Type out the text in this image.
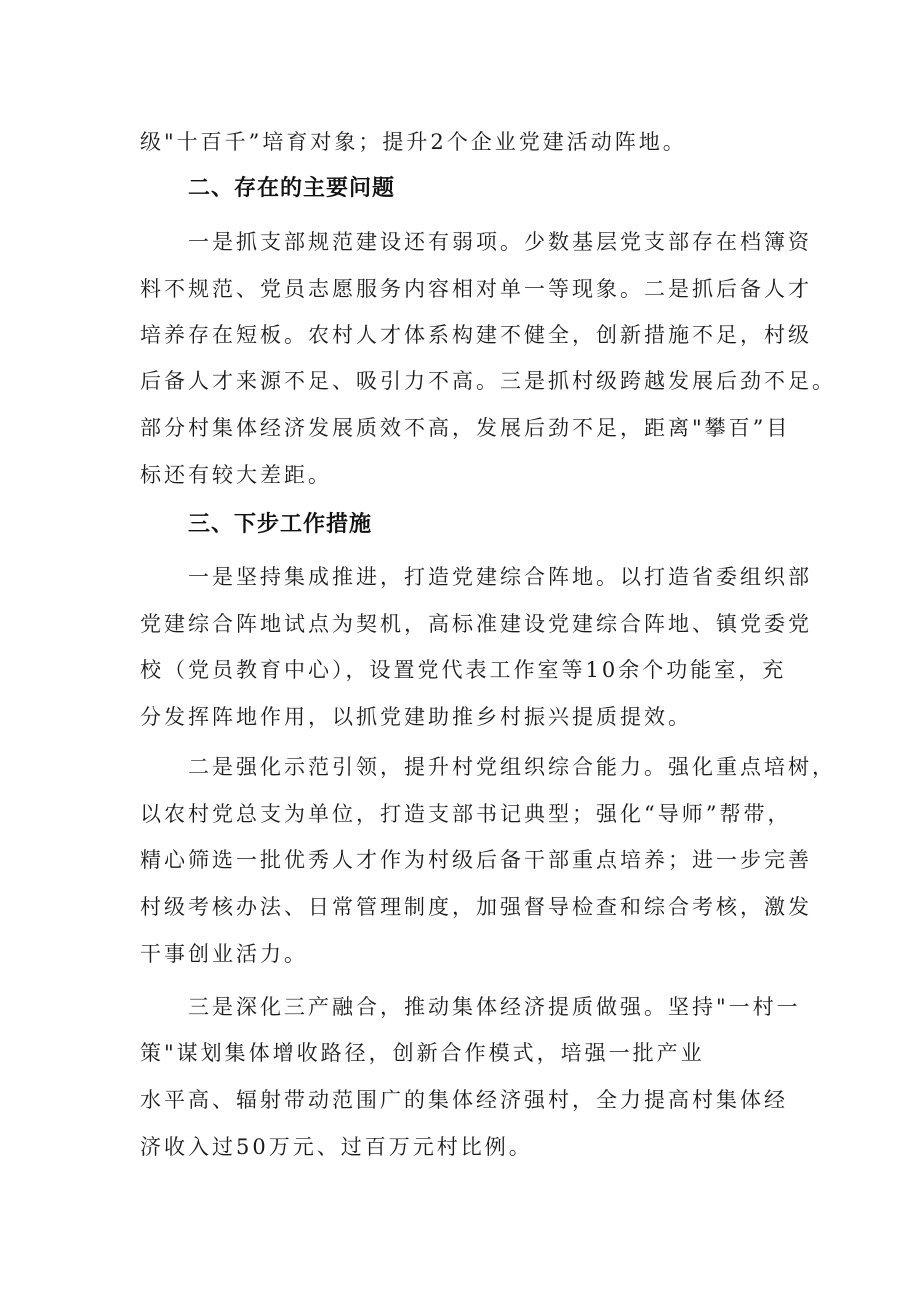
级"十百千”培育对象；提升2个企业党建活动阵地。

二、存在的主要问题

一是抓支部规范建设还有弱项。少数基层党支部存在档簿资

料不规范、党员志愿服务内容相对单一等现象。二是抓后备人才

培养存在短板。农村人才体系构建不健全，创新措施不足，村级

后备人才来源不足、吸引力不高。三是抓村级跨越发展后劲不足。

部分村集体经济发展质效不高，发展后劲不足，距离"攀百”目

标还有较大差距。

三、下步工作措施

一是坚持集成推进，打造党建综合阵地。以打造省委组织部

党建综合阵地试点为契机，高标准建设党建综合阵地、镇党委党

校（党员教育中心），设置党代表工作室等10余个功能室，充

分发挥阵地作用，以抓党建助推乡村振兴提质提效。

二是强化示范引领，提升村党组织综合能力。强化重点培树，

以农村党总支为单位，打造支部书记典型；强化“导师”帮带，

精心筛选一批优秀人才作为村级后备干部重点培养；进一步完善

村级考核办法、日常管理制度，加强督导检查和综合考核，激发

干事创业活力。

三是深化三产融合，推动集体经济提质做强。坚持"一村一

策"谋划集体增收路径，创新合作模式，培强一批产业

水平高、辐射带动范围广的集体经济强村，全力提高村集体经

济收入过50万元、过百万元村比例。
